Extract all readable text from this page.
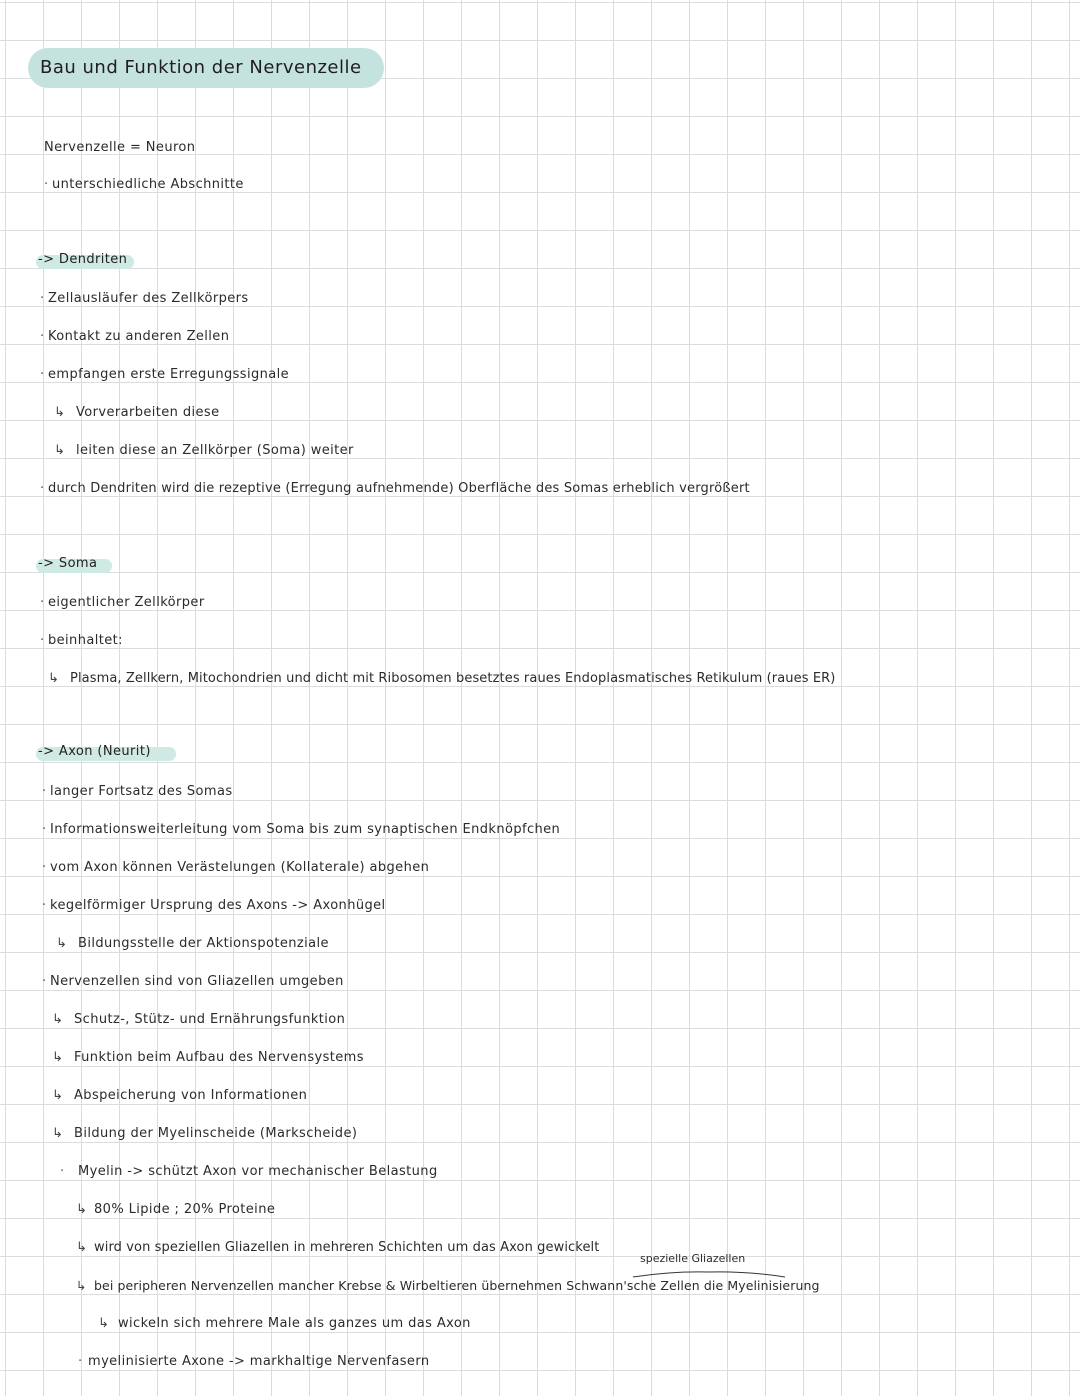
Bau und Funktion der Nervenzelle
Nervenzelle = Neuron
· unterschiedliche Abschnitte
-> Dendriten
· Zellausläufer des Zellkörpers
· Kontakt zu anderen Zellen
· empfangen erste Erregungssignale
↳ Vorverarbeiten diese
↳ leiten diese an Zellkörper (Soma) weiter
· durch Dendriten wird die rezeptive (Erregung aufnehmende) Oberfläche des Somas erheblich vergrößert
-> Soma
· eigentlicher Zellkörper
· beinhaltet:
↳ Plasma, Zellkern, Mitochondrien und dicht mit Ribosomen besetztes raues Endoplasmatisches Retikulum (raues ER)
-> Axon (Neurit)
· langer Fortsatz des Somas
· Informationsweiterleitung vom Soma bis zum synaptischen Endknöpfchen
· vom Axon können Verästelungen (Kollaterale) abgehen
· kegelförmiger Ursprung des Axons -> Axonhügel
↳ Bildungsstelle der Aktionspotenziale
· Nervenzellen sind von Gliazellen umgeben
↳ Schutz-, Stütz- und Ernährungsfunktion
↳ Funktion beim Aufbau des Nervensystems
↳ Abspeicherung von Informationen
↳ Bildung der Myelinscheide (Markscheide)
· Myelin -> schützt Axon vor mechanischer Belastung
↳ 80% Lipide ; 20% Proteine
↳ wird von speziellen Gliazellen in mehreren Schichten um das Axon gewickelt
spezielle Gliazellen
↳ bei peripheren Nervenzellen mancher Krebse & Wirbeltieren übernehmen Schwann'sche Zellen die Myelinisierung
↳ wickeln sich mehrere Male als ganzes um das Axon
· myelinisierte Axone -> markhaltige Nervenfasern
